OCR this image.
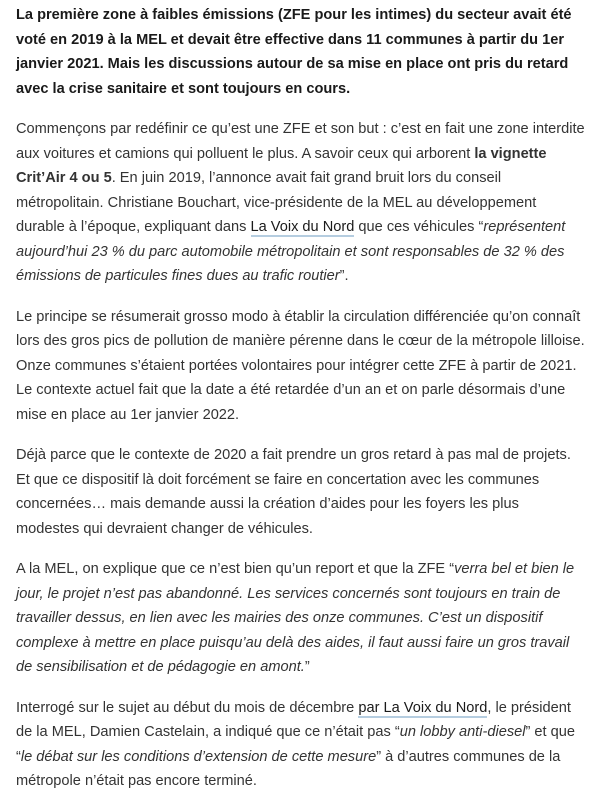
La première zone à faibles émissions (ZFE pour les intimes) du secteur avait été voté en 2019 à la MEL et devait être effective dans 11 communes à partir du 1er janvier 2021. Mais les discussions autour de sa mise en place ont pris du retard avec la crise sanitaire et sont toujours en cours.

Commençons par redéfinir ce qu’est une ZFE et son but : c’est en fait une zone interdite aux voitures et camions qui polluent le plus. A savoir ceux qui arborent la vignette Crit’Air 4 ou 5. En juin 2019, l’annonce avait fait grand bruit lors du conseil métropolitain. Christiane Bouchart, vice-présidente de la MEL au développement durable à l’époque, expliquant dans La Voix du Nord que ces véhicules “représentent aujourd’hui 23 % du parc automobile métropolitain et sont responsables de 32 % des émissions de particules fines dues au trafic routier”.

Le principe se résumerait grosso modo à établir la circulation différenciée qu’on connaît lors des gros pics de pollution de manière pérenne dans le cœur de la métropole lilloise. Onze communes s’étaient portées volontaires pour intégrer cette ZFE à partir de 2021. Le contexte actuel fait que la date a été retardée d’un an et on parle désormais d’une mise en place au 1er janvier 2022.

Déjà parce que le contexte de 2020 a fait prendre un gros retard à pas mal de projets. Et que ce dispositif là doit forcément se faire en concertation avec les communes concernées… mais demande aussi la création d’aides pour les foyers les plus modestes qui devraient changer de véhicules.

A la MEL, on explique que ce n’est bien qu’un report et que la ZFE “verra bel et bien le jour, le projet n’est pas abandonné. Les services concernés sont toujours en train de travailler dessus, en lien avec les mairies des onze communes. C’est un dispositif complexe à mettre en place puisqu’au delà des aides, il faut aussi faire un gros travail de sensibilisation et de pédagogie en amont.”

Interrogé sur le sujet au début du mois de décembre par La Voix du Nord, le président de la MEL, Damien Castelain, a indiqué que ce n’était pas “un lobby anti-diesel” et que “le débat sur les conditions d’extension de cette mesure” à d’autres communes de la métropole n’était pas encore terminé.
